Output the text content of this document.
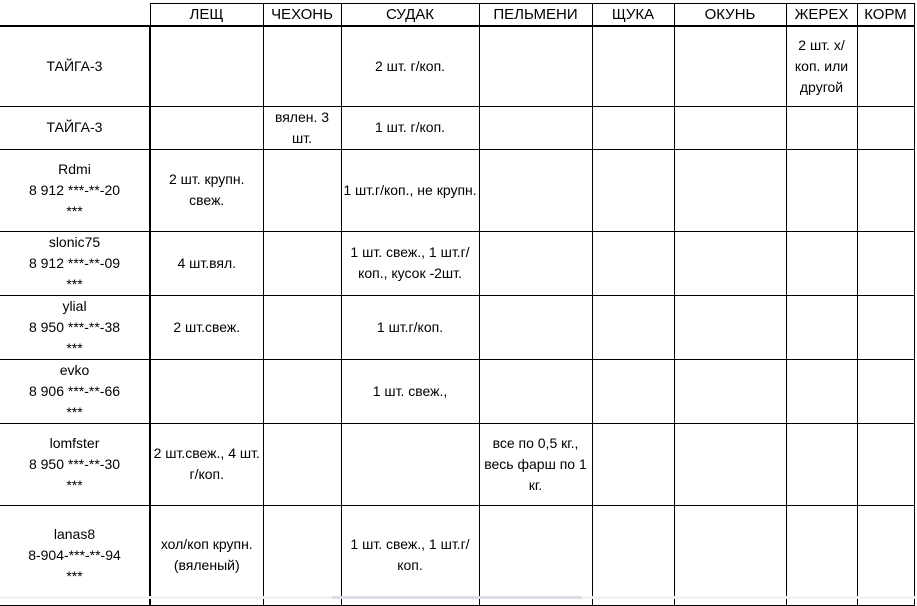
	ЛЕЩ	ЧЕХОНЬ	СУДАК	ПЕЛЬМЕНИ	ЩУКА	ОКУНЬ	ЖЕРЕХ	КОРМ

ТАЙГА-3			2 шт. г/коп.				2 шт. х/коп. или другой	

ТАЙГА-3		вялен. 3 шт.	1 шт. г/коп.					

Rdmi
8 912 ***-**-20
***	2 шт. крупн. свеж.		1 шт.г/коп., не крупн.					

slonic75
8 912 ***-**-09
***	4 шт.вял.		1 шт. свеж., 1 шт.г/коп., кусок -2шт.					

ylial
8 950 ***-**-38
***	2 шт.свеж.		1 шт.г/коп.					

evko
8 906 ***-**-66
***			1 шт. свеж.,					

lomfster
8 950 ***-**-30
***	2 шт.свеж., 4 шт. г/коп.			все по 0,5 кг., весь фарш по 1 кг.				

lanas8
8-904-***-**-94
***	хол/коп крупн. (вяленый)		1 шт. свеж., 1 шт.г/коп.					
